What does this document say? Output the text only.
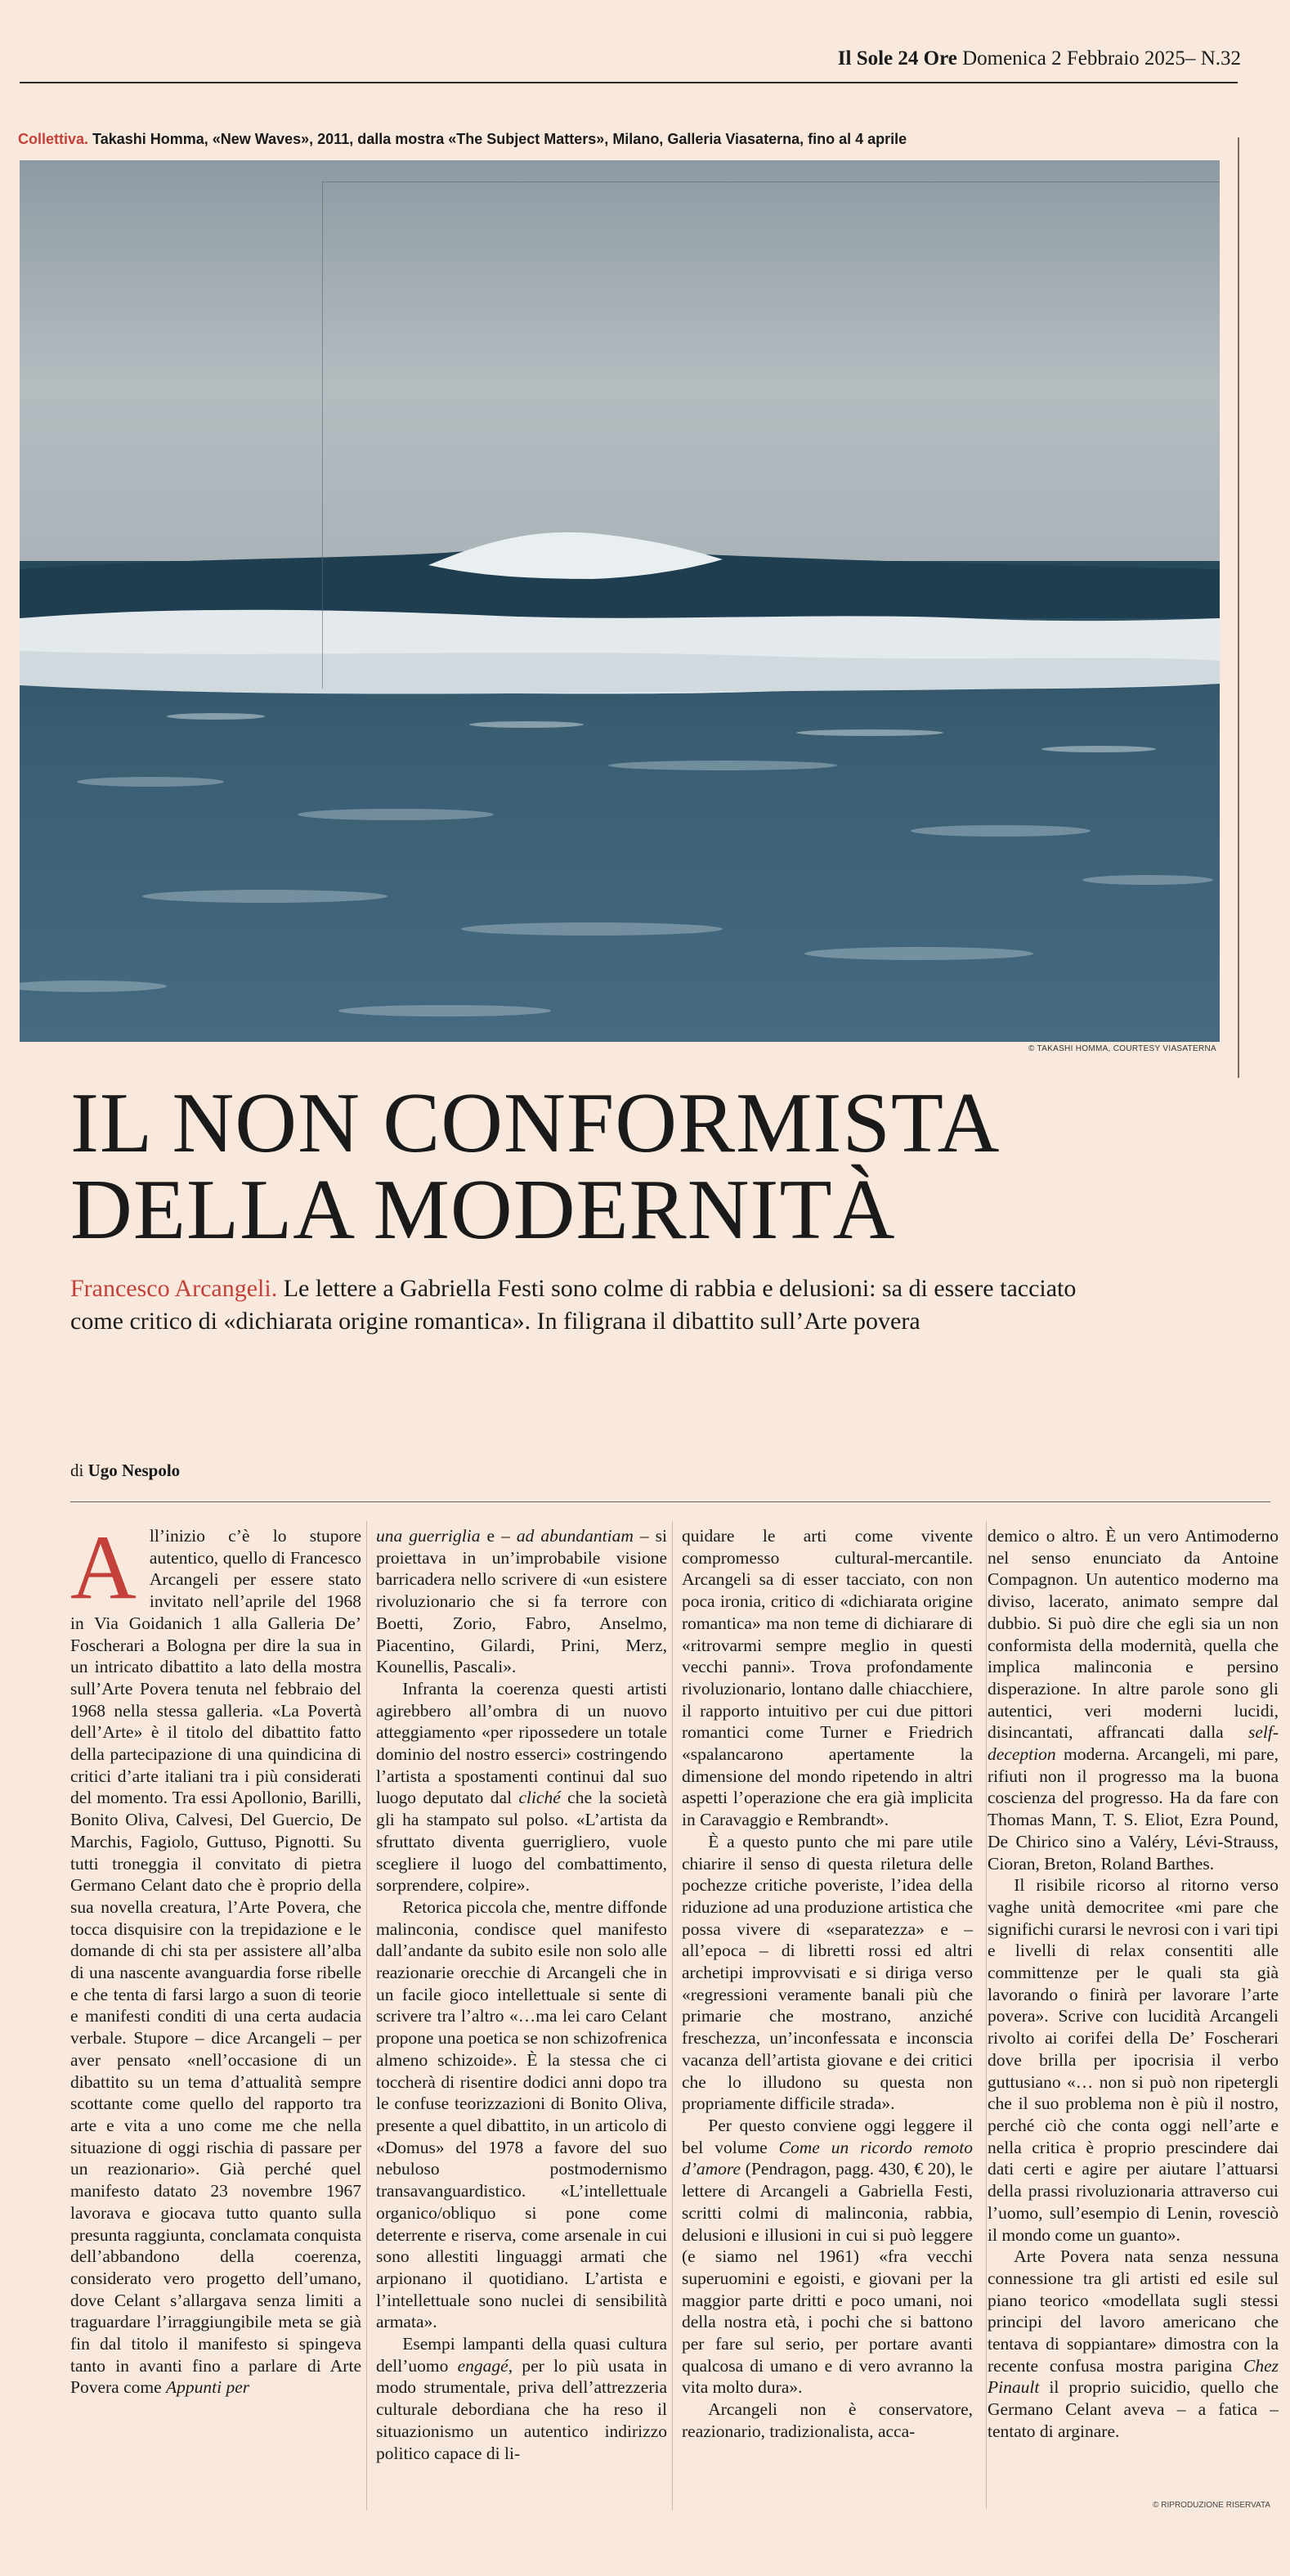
Il Sole 24 Ore Domenica 2 Febbraio 2025– N.32
Collettiva. Takashi Homma, «New Waves», 2011, dalla mostra «The Subject Matters», Milano, Galleria Viasaterna, fino al 4 aprile
© TAKASHI HOMMA, COURTESY VIASATERNA
IL NON CONFORMISTA
DELLA MODERNITÀ
Francesco Arcangeli. Le lettere a Gabriella Festi sono colme di rabbia e delusioni: sa di essere tacciato come critico di «dichiarata origine romantica». In filigrana il dibattito sull’Arte povera
di Ugo Nespolo

All’inizio c’è lo stupore autentico, quello di Francesco Arcangeli per essere stato invitato nell’aprile del 1968 in Via Goidanich 1 alla Galleria De’ Foscherari a Bologna per dire la sua in un intricato dibattito a lato della mostra sull’Arte Povera tenuta nel febbraio del 1968 nella stessa galleria. «La Povertà dell’Arte» è il titolo del dibattito fatto della partecipazione di una quindicina di critici d’arte italiani tra i più considerati del momento. Tra essi Apollonio, Barilli, Bonito Oliva, Calvesi, Del Guercio, De Marchis, Fagiolo, Guttuso, Pignotti. Su tutti troneggia il convitato di pietra Germano Celant dato che è proprio della sua novella creatura, l’Arte Povera, che tocca disquisire con la trepidazione e le domande di chi sta per assistere all’alba di una nascente avanguardia forse ribelle e che tenta di farsi largo a suon di teorie e manifesti conditi di una certa audacia verbale. Stupore – dice Arcangeli – per aver pensato «nell’occasione di un dibattito su un tema d’attualità sempre scottante come quello del rapporto tra arte e vita a uno come me che nella situazione di oggi rischia di passare per un reazionario». Già perché quel manifesto datato 23 novembre 1967 lavorava e giocava tutto quanto sulla presunta raggiunta, conclamata conquista dell’abbandono della coerenza, considerato vero progetto dell’umano, dove Celant s’allargava senza limiti a traguardare l’irraggiungibile meta se già fin dal titolo il manifesto si spingeva tanto in avanti fino a parlare di Arte Povera come Appunti per

una guerriglia e – ad abundantiam – si proiettava in un’improbabile visione barricadera nello scrivere di «un esistere rivoluzionario che si fa terrore con Boetti, Zorio, Fabro, Anselmo, Piacentino, Gilardi, Prini, Merz, Kounellis, Pascali».

Infranta la coerenza questi artisti agirebbero all’ombra di un nuovo atteggiamento «per ripossedere un totale dominio del nostro esserci» costringendo l’artista a spostamenti continui dal suo luogo deputato dal cliché che la società gli ha stampato sul polso. «L’artista da sfruttato diventa guerrigliero, vuole scegliere il luogo del combattimento, sorprendere, colpire».

Retorica piccola che, mentre diffonde malinconia, condisce quel manifesto dall’andante da subito esile non solo alle reazionarie orecchie di Arcangeli che in un facile gioco intellettuale si sente di scrivere tra l’altro «…ma lei caro Celant propone una poetica se non schizofrenica almeno schizoide». È la stessa che ci toccherà di risentire dodici anni dopo tra le confuse teorizzazioni di Bonito Oliva, presente a quel dibattito, in un articolo di «Domus» del 1978 a favore del suo nebuloso postmodernismo transavanguardistico. «L’intellettuale organico/obliquo si pone come deterrente e riserva, come arsenale in cui sono allestiti linguaggi armati che arpionano il quotidiano. L’artista e l’intellettuale sono nuclei di sensibilità armata».

Esempi lampanti della quasi cultura dell’uomo engagé, per lo più usata in modo strumentale, priva dell’attrezzeria culturale debordiana che ha reso il situazionismo un autentico indirizzo politico capace di li-

quidare le arti come vivente compromesso cultural-mercantile. Arcangeli sa di esser tacciato, con non poca ironia, critico di «dichiarata origine romantica» ma non teme di dichiarare di «ritrovarmi sempre meglio in questi vecchi panni». Trova profondamente rivoluzionario, lontano dalle chiacchiere, il rapporto intuitivo per cui due pittori romantici come Turner e Friedrich «spalancarono apertamente la dimensione del mondo ripetendo in altri aspetti l’operazione che era già implicita in Caravaggio e Rembrandt».

È a questo punto che mi pare utile chiarire il senso di questa riletura delle pochezze critiche poveriste, l’idea della riduzione ad una produzione artistica che possa vivere di «separatezza» e – all’epoca – di libretti rossi ed altri archetipi improvvisati e si diriga verso «regressioni veramente banali più che primarie che mostrano, anziché freschezza, un’inconfessata e inconscia vacanza dell’artista giovane e dei critici che lo illudono su questa non propriamente difficile strada».

Per questo conviene oggi leggere il bel volume Come un ricordo remoto d’amore (Pendragon, pagg. 430, € 20), le lettere di Arcangeli a Gabriella Festi, scritti colmi di malinconia, rabbia, delusioni e illusioni in cui si può leggere (e siamo nel 1961) «fra vecchi superuomini e egoisti, e giovani per la maggior parte dritti e poco umani, noi della nostra età, i pochi che si battono per fare sul serio, per portare avanti qualcosa di umano e di vero avranno la vita molto dura».

Arcangeli non è conservatore, reazionario, tradizionalista, acca-

demico o altro. È un vero Antimoderno nel senso enunciato da Antoine Compagnon. Un autentico moderno ma diviso, lacerato, animato sempre dal dubbio. Si può dire che egli sia un non conformista della modernità, quella che implica malinconia e persino disperazione. In altre parole sono gli autentici, veri moderni lucidi, disincantati, affrancati dalla self-deception moderna. Arcangeli, mi pare, rifiuti non il progresso ma la buona coscienza del progresso. Ha da fare con Thomas Mann, T. S. Eliot, Ezra Pound, De Chirico sino a Valéry, Lévi-Strauss, Cioran, Breton, Roland Barthes.

Il risibile ricorso al ritorno verso vaghe unità democritee «mi pare che significhi curarsi le nevrosi con i vari tipi e livelli di relax consentiti alle committenze per le quali sta già lavorando o finirà per lavorare l’arte povera». Scrive con lucidità Arcangeli rivolto ai corifei della De’ Foscherari dove brilla per ipocrisia il verbo guttusiano «… non si può non ripetergli che il suo problema non è più il nostro, perché ciò che conta oggi nell’arte e nella critica è proprio prescindere dai dati certi e agire per aiutare l’attuarsi della prassi rivoluzionaria attraverso cui l’uomo, sull’esempio di Lenin, rovesciò il mondo come un guanto».

Arte Povera nata senza nessuna connessione tra gli artisti ed esile sul piano teorico «modellata sugli stessi principi del lavoro americano che tentava di soppiantare» dimostra con la recente confusa mostra parigina Chez Pinault il proprio suicidio, quello che Germano Celant aveva – a fatica – tentato di arginare.

© RIPRODUZIONE RISERVATA
